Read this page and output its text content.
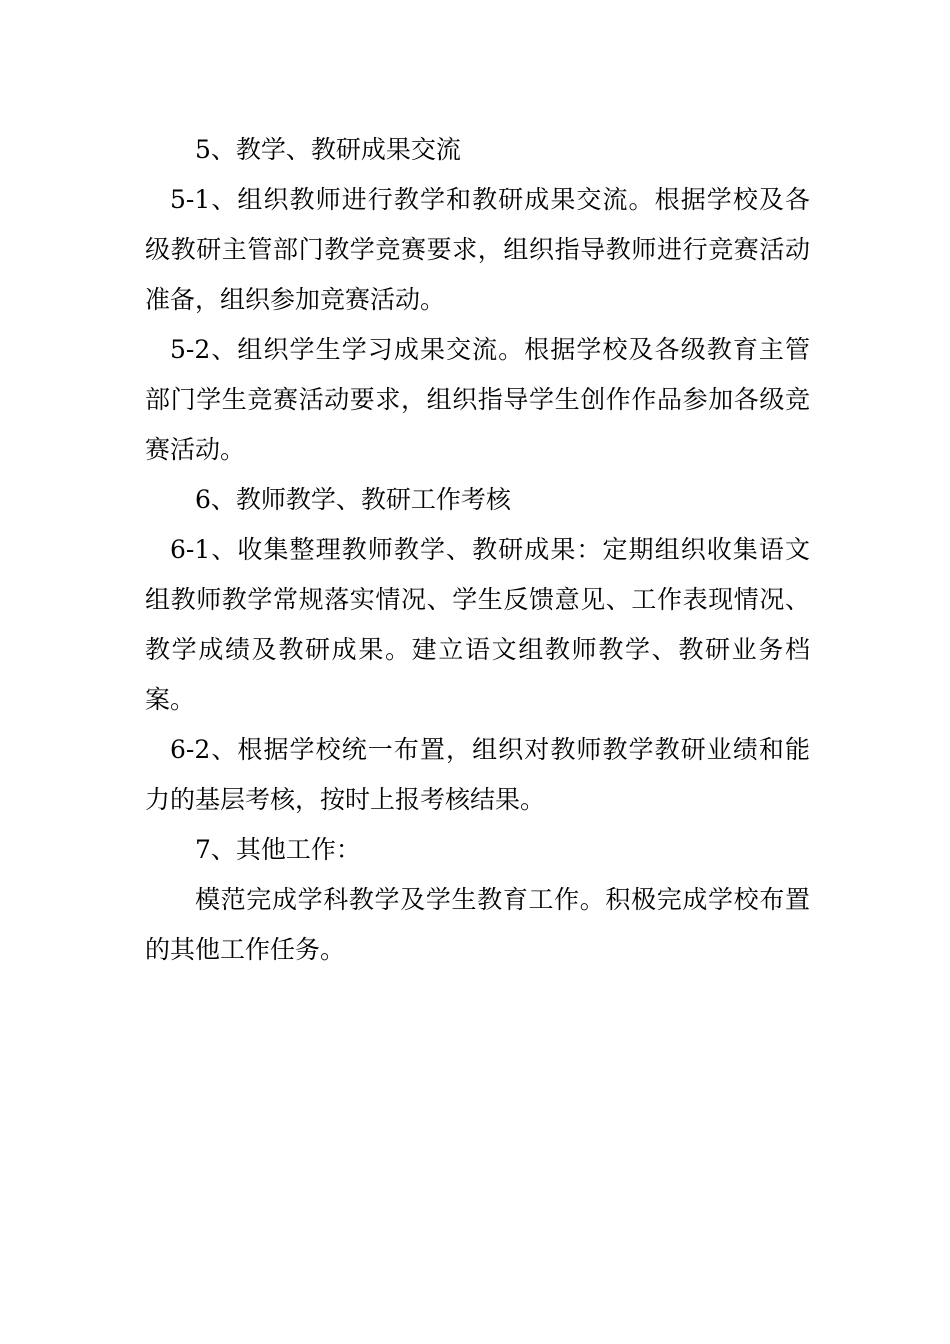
5、教学、教研成果交流

5-1、组织教师进行教学和教研成果交流。根据学校及各级教研主管部门教学竞赛要求，组织指导教师进行竞赛活动准备，组织参加竞赛活动。

5-2、组织学生学习成果交流。根据学校及各级教育主管部门学生竞赛活动要求，组织指导学生创作作品参加各级竞赛活动。

6、教师教学、教研工作考核

6-1、收集整理教师教学、教研成果：定期组织收集语文组教师教学常规落实情况、学生反馈意见、工作表现情况、教学成绩及教研成果。建立语文组教师教学、教研业务档案。

6-2、根据学校统一布置，组织对教师教学教研业绩和能力的基层考核，按时上报考核结果。

7、其他工作：

模范完成学科教学及学生教育工作。积极完成学校布置的其他工作任务。
